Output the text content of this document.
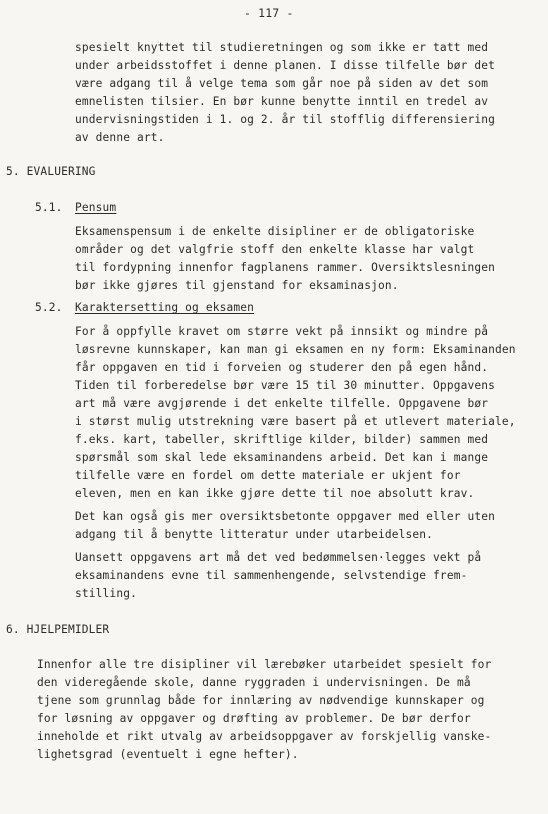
- 117 -
spesielt knyttet til studieretningen og som ikke er tatt med
under arbeidsstoffet i denne planen. I disse tilfelle bør det
være adgang til å velge tema som går noe på siden av det som
emnelisten tilsier. En bør kunne benytte inntil en tredel av
undervisningstiden i 1. og 2. år til stofflig differensiering
av denne art.
5. EVALUERING
5.1. Pensum
Eksamenspensum i de enkelte disipliner er de obligatoriske
områder og det valgfrie stoff den enkelte klasse har valgt
til fordypning innenfor fagplanens rammer. Oversiktslesningen
bør ikke gjøres til gjenstand for eksaminasjon.
5.2. Karaktersetting og eksamen
For å oppfylle kravet om større vekt på innsikt og mindre på
løsrevne kunnskaper, kan man gi eksamen en ny form: Eksaminanden
får oppgaven en tid i forveien og studerer den på egen hånd.
Tiden til forberedelse bør være 15 til 30 minutter. Oppgavens
art må være avgjørende i det enkelte tilfelle. Oppgavene bør
i størst mulig utstrekning være basert på et utlevert materiale,
f.eks. kart, tabeller, skriftlige kilder, bilder) sammen med
spørsmål som skal lede eksaminandens arbeid. Det kan i mange
tilfelle være en fordel om dette materiale er ukjent for
eleven, men en kan ikke gjøre dette til noe absolutt krav.
Det kan også gis mer oversiktsbetonte oppgaver med eller uten
adgang til å benytte litteratur under utarbeidelsen.
Uansett oppgavens art må det ved bedømmelsen·legges vekt på
eksaminandens evne til sammenhengende, selvstendige frem-
stilling.
6. HJELPEMIDLER
Innenfor alle tre disipliner vil lærebøker utarbeidet spesielt for
den videregående skole, danne ryggraden i undervisningen. De må
tjene som grunnlag både for innlæring av nødvendige kunnskaper og
for løsning av oppgaver og drøfting av problemer. De bør derfor
inneholde et rikt utvalg av arbeidsoppgaver av forskjellig vanske-
lighetsgrad (eventuelt i egne hefter).
